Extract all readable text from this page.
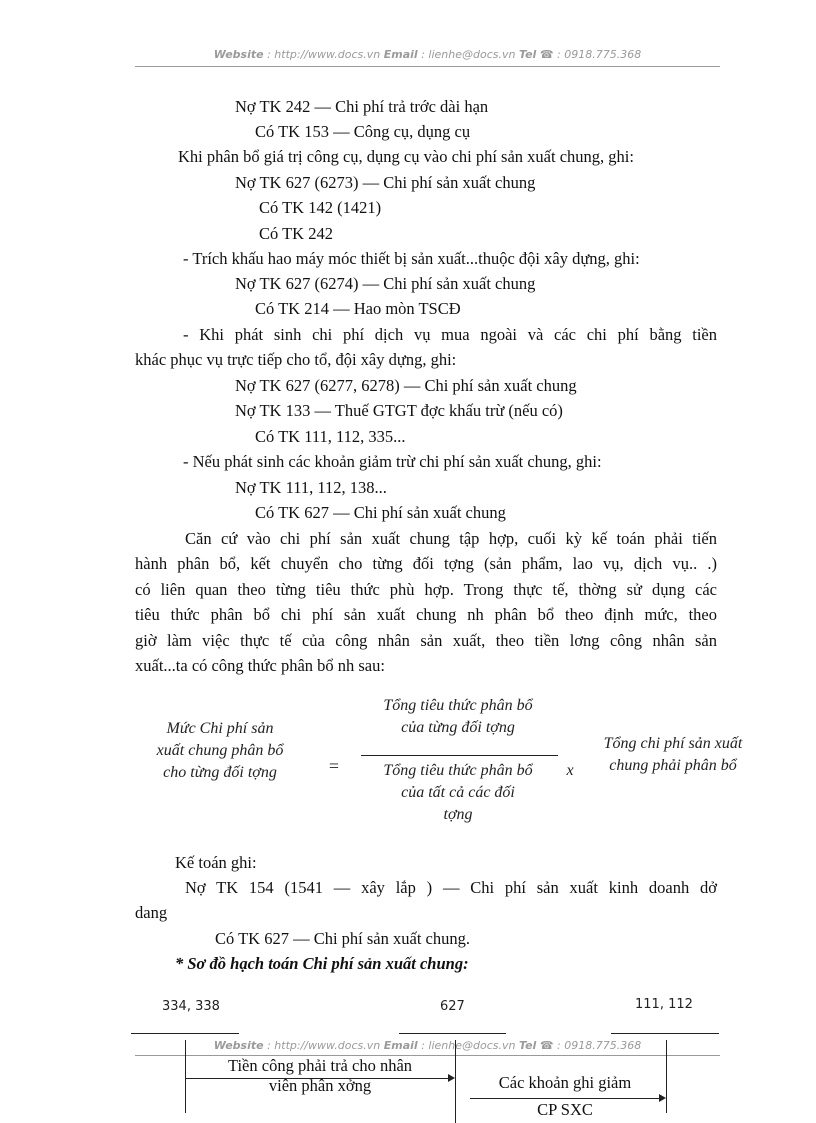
Website : http://www.docs.vn Email : lienhe@docs.vn Tel ☎ : 0918.775.368
Nợ TK 242 — Chi phí trả trớc dài hạn
Có TK 153 — Công cụ, dụng cụ
Khi phân bổ giá trị công cụ, dụng cụ vào chi phí sản xuất chung, ghi:
Nợ TK 627 (6273) — Chi phí sản xuất chung
Có TK 142 (1421)
Có TK 242
- Trích khấu hao máy móc thiết bị sản xuất...thuộc đội xây dựng, ghi:
Nợ TK 627 (6274) — Chi phí sản xuất chung
Có TK 214 — Hao mòn TSCĐ
- Khi phát sinh chi phí dịch vụ mua ngoài và các chi phí bằng tiền
khác phục vụ trực tiếp cho tổ, đội xây dựng, ghi:
Nợ TK 627 (6277, 6278) — Chi phí sản xuất chung
Nợ TK 133 — Thuế GTGT đợc khấu trừ (nếu có)
Có TK 111, 112, 335...
- Nếu phát sinh các khoản giảm trừ chi phí sản xuất chung, ghi:
Nợ TK 111, 112, 138...
Có TK 627 — Chi phí sản xuất chung
Căn cứ vào chi phí sản xuất chung tập hợp, cuối kỳ kế toán phải tiến
hành phân bổ, kết chuyển cho từng đối tợng (sản phẩm, lao vụ, dịch vụ.. .)
có liên quan theo từng tiêu thức phù hợp. Trong thực tế, thờng sử dụng các
tiêu thức phân bổ chi phí sản xuất chung nh phân bổ theo định mức, theo
giờ làm việc thực tế của công nhân sản xuất, theo tiền lơng công nhân sản
xuất...ta có công thức phân bổ nh sau:
Mức Chi phí sản
xuất chung phân bổ
cho từng đối tợng	=
Tổng tiêu thức phân bổ
của từng đối tợng
Tổng tiêu thức phân bổ
của tất cả các đối
tợng
x
Tổng chi phí sản xuất
chung phải phân bổ
Kế toán ghi:
Nợ TK 154 (1541 — xây lắp ) — Chi phí sản xuất kinh doanh dở
dang
Có TK 627 — Chi phí sản xuất chung.
* Sơ đồ hạch toán Chi phí sản xuất chung:
334, 338	627	111, 112
Website : http://www.docs.vn Email : lienhe@docs.vn Tel ☎ : 0918.775.368
Tiền công phải trả cho nhân
viên phân xởng	Các khoản ghi giảm
CP SXC
